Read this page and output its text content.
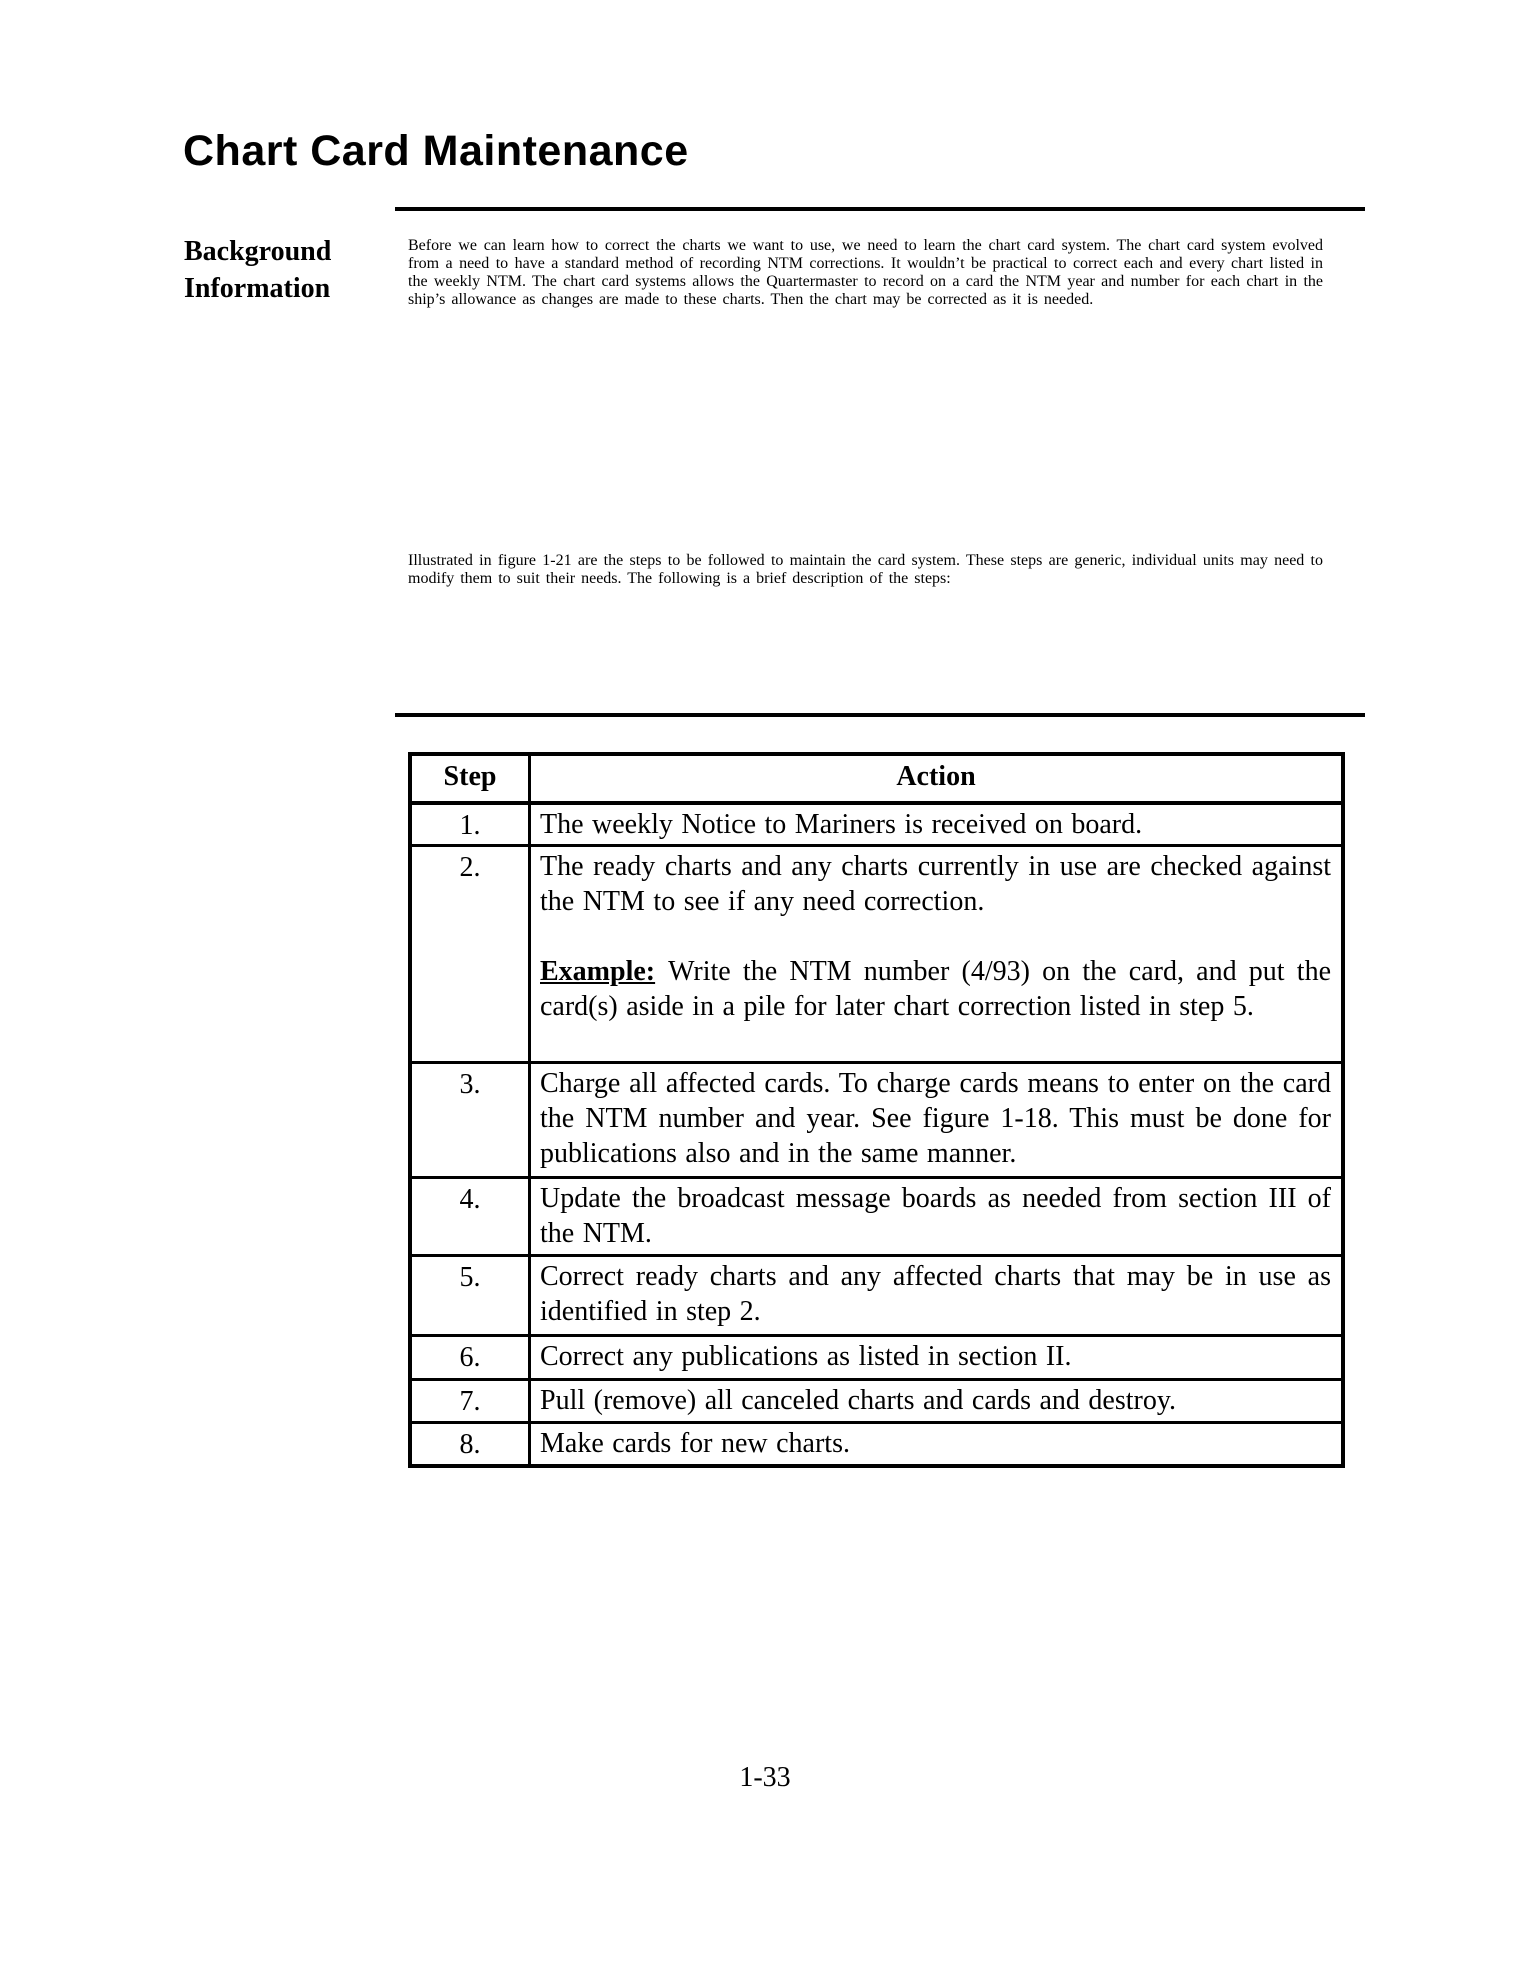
Chart Card Maintenance
Background
Information

Before we can learn how to correct the charts we want to use, we need to learn the chart card system. The chart card system evolved from a need to have a standard method of recording NTM corrections. It wouldn’t be practical to correct each and every chart listed in the weekly NTM. The chart card systems allows the Quartermaster to record on a card the NTM year and number for each chart in the ship’s allowance as changes are made to these charts. Then the chart may be corrected as it is needed.

Illustrated in figure 1-21 are the steps to be followed to maintain the card system. These steps are generic, individual units may need to modify them to suit their needs. The following is a brief description of the steps:

Step	Action
1.	The weekly Notice to Mariners is received on board.
2.	The ready charts and any charts currently in use are checked against the NTM to see if any need correction.
Example: Write the NTM number (4/93) on the card, and put the card(s) aside in a pile for later chart correction listed in step 5.

3.	Charge all affected cards. To charge cards means to enter on the card the NTM number and year. See figure 1-18. This must be done for publications also and in the same manner.
4.	Update the broadcast message boards as needed from section III of the NTM.
5.	Correct ready charts and any affected charts that may be in use as identified in step 2.
6.	Correct any publications as listed in section II.
7.	Pull (remove) all canceled charts and cards and destroy.
8.	Make cards for new charts.
1-33
